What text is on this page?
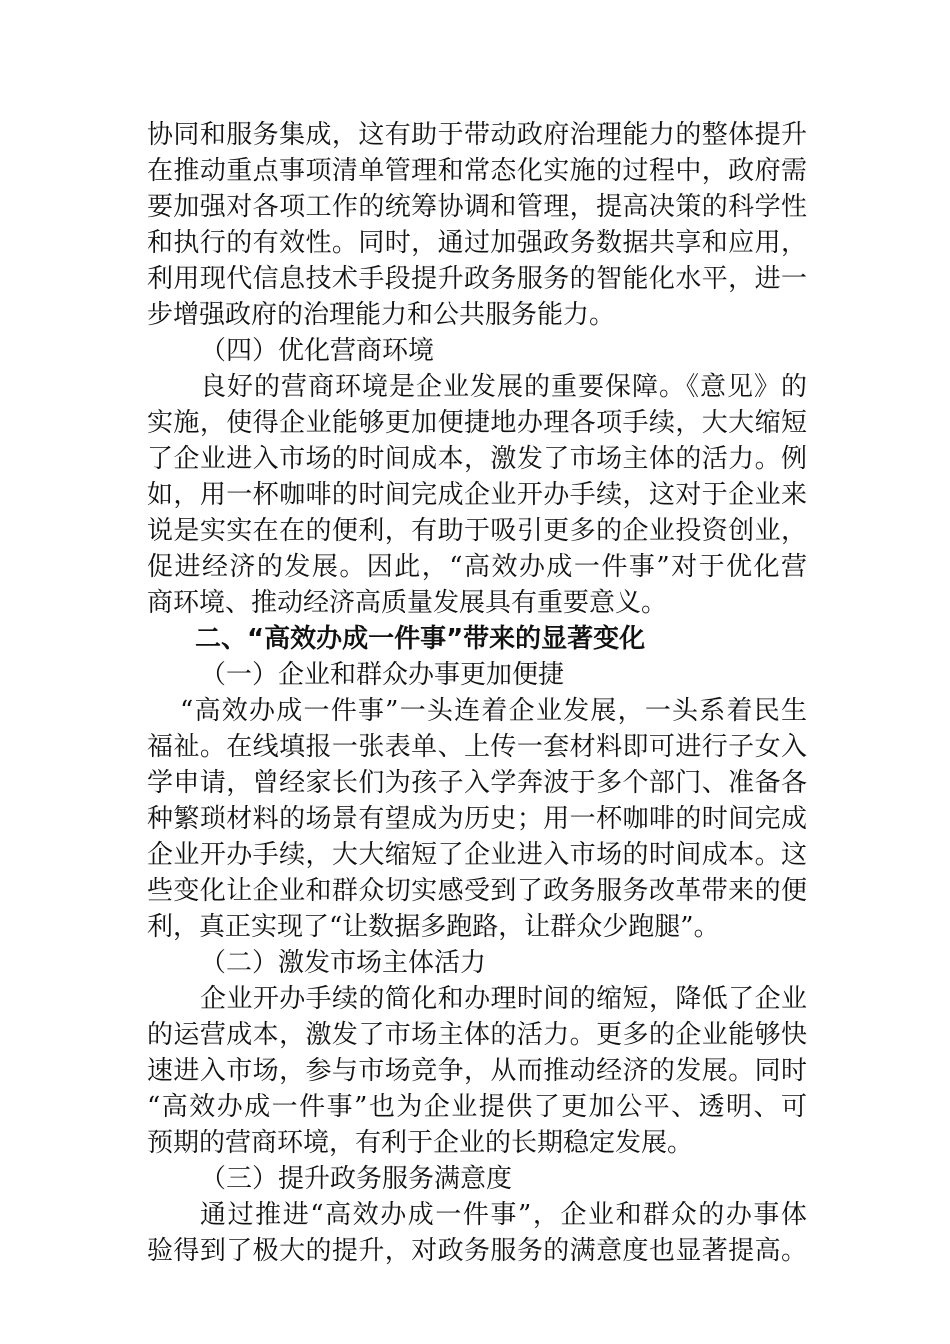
协同和服务集成，这有助于带动政府治理能力的整体提升
在推动重点事项清单管理和常态化实施的过程中，政府需
要加强对各项工作的统筹协调和管理，提高决策的科学性
和执行的有效性。同时，通过加强政务数据共享和应用，
利用现代信息技术手段提升政务服务的智能化水平，进一
步增强政府的治理能力和公共服务能力。
（四）优化营商环境
良好的营商环境是企业发展的重要保障。《意见》的
实施，使得企业能够更加便捷地办理各项手续，大大缩短
了企业进入市场的时间成本，激发了市场主体的活力。例
如，用一杯咖啡的时间完成企业开办手续，这对于企业来
说是实实在在的便利，有助于吸引更多的企业投资创业，
促进经济的发展。因此，“高效办成一件事”对于优化营
商环境、推动经济高质量发展具有重要意义。
二、“高效办成一件事”带来的显著变化
（一）企业和群众办事更加便捷
“高效办成一件事”一头连着企业发展，一头系着民生
福祉。在线填报一张表单、上传一套材料即可进行子女入
学申请，曾经家长们为孩子入学奔波于多个部门、准备各
种繁琐材料的场景有望成为历史；用一杯咖啡的时间完成
企业开办手续，大大缩短了企业进入市场的时间成本。这
些变化让企业和群众切实感受到了政务服务改革带来的便
利，真正实现了“让数据多跑路，让群众少跑腿”。
（二）激发市场主体活力
企业开办手续的简化和办理时间的缩短，降低了企业
的运营成本，激发了市场主体的活力。更多的企业能够快
速进入市场，参与市场竞争，从而推动经济的发展。同时
“高效办成一件事”也为企业提供了更加公平、透明、可
预期的营商环境，有利于企业的长期稳定发展。
（三）提升政务服务满意度
通过推进“高效办成一件事”，企业和群众的办事体
验得到了极大的提升，对政务服务的满意度也显著提高。
